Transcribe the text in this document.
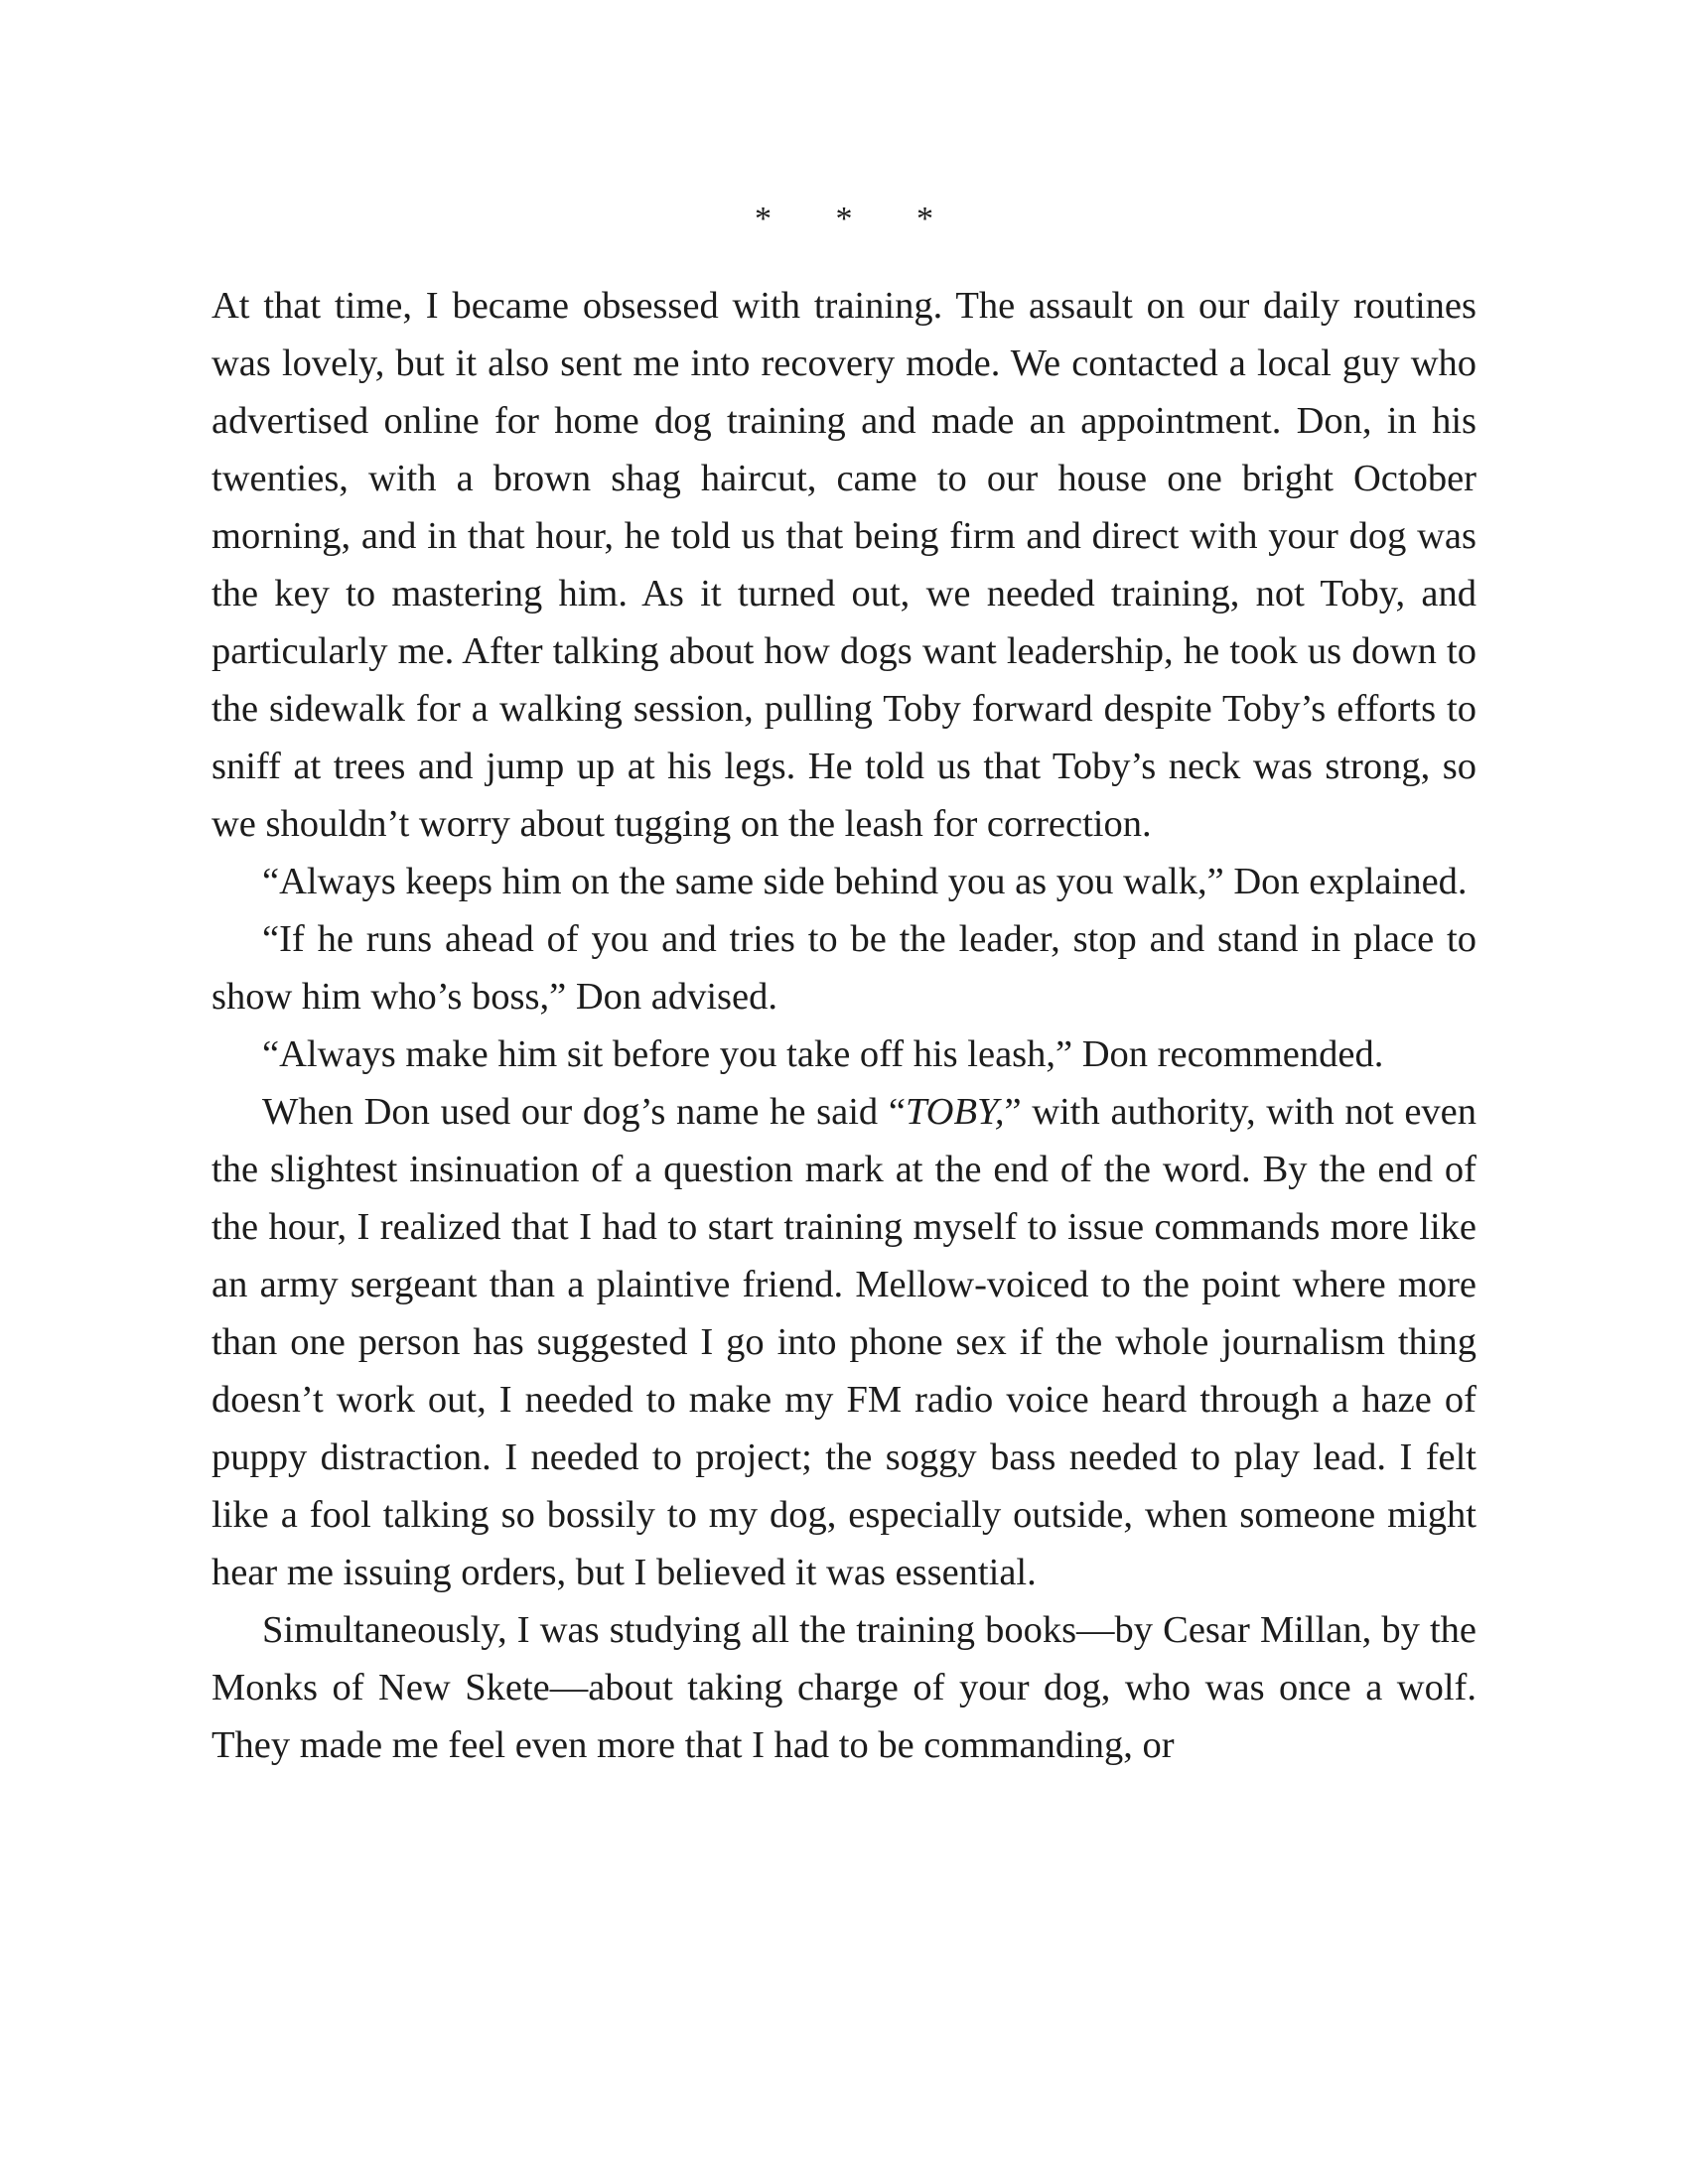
* * *

At that time, I became obsessed with training. The assault on our daily routines was lovely, but it also sent me into recovery mode. We contacted a local guy who advertised online for home dog training and made an appointment. Don, in his twenties, with a brown shag haircut, came to our house one bright October morning, and in that hour, he told us that being firm and direct with your dog was the key to mastering him. As it turned out, we needed training, not Toby, and particularly me. After talking about how dogs want leadership, he took us down to the sidewalk for a walking session, pulling Toby forward despite Toby’s efforts to sniff at trees and jump up at his legs. He told us that Toby’s neck was strong, so we shouldn’t worry about tugging on the leash for correction.

“Always keeps him on the same side behind you as you walk,” Don explained.

“If he runs ahead of you and tries to be the leader, stop and stand in place to show him who’s boss,” Don advised.

“Always make him sit before you take off his leash,” Don recommended.

When Don used our dog’s name he said “TOBY,” with authority, with not even the slightest insinuation of a question mark at the end of the word. By the end of the hour, I realized that I had to start training myself to issue commands more like an army sergeant than a plaintive friend. Mellow-voiced to the point where more than one person has suggested I go into phone sex if the whole journalism thing doesn’t work out, I needed to make my FM radio voice heard through a haze of puppy distraction. I needed to project; the soggy bass needed to play lead. I felt like a fool talking so bossily to my dog, especially outside, when someone might hear me issuing orders, but I believed it was essential.

Simultaneously, I was studying all the training books—by Cesar Millan, by the Monks of New Skete—about taking charge of your dog, who was once a wolf. They made me feel even more that I had to be commanding, or
